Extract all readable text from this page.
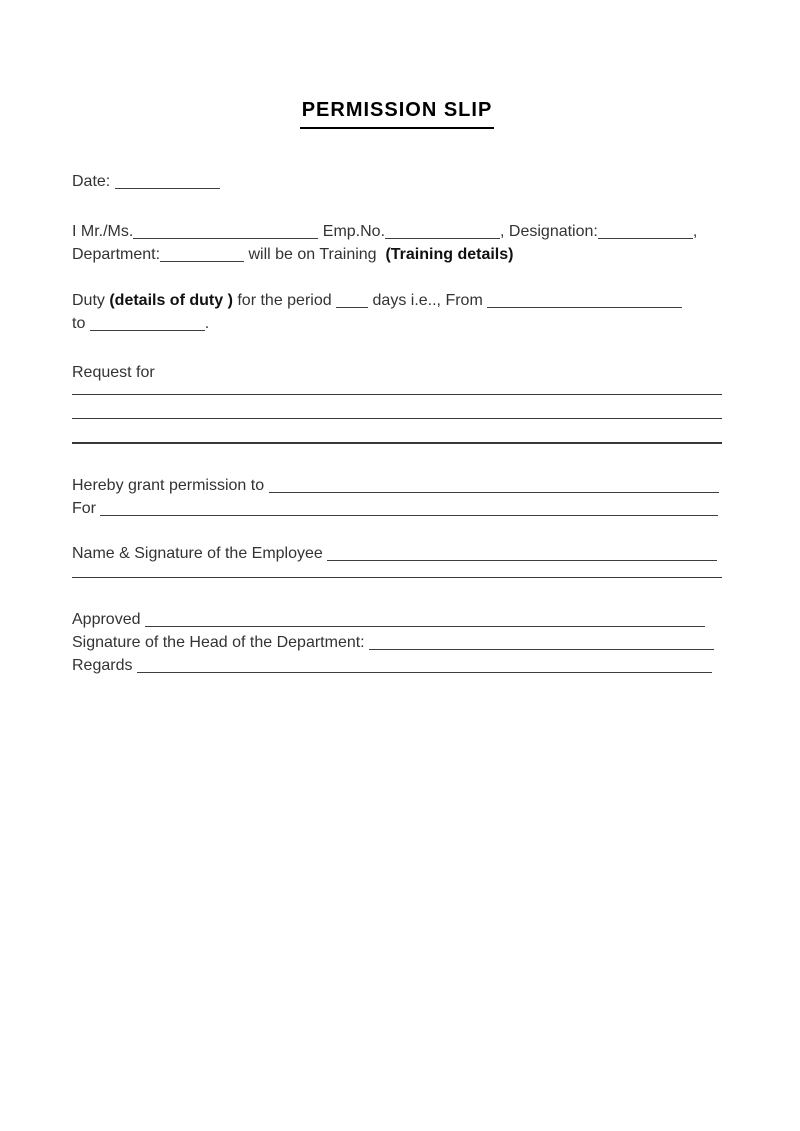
PERMISSION SLIP
Date:
I Mr./Ms.	Emp.No.	, Designation:	,
Department:	will be on Training  (Training details)
Duty (details of duty ) for the period  days i.e.., From
to	.
Request for
Hereby grant permission to
For
Name & Signature of the Employee
Approved
Signature of the Head of the Department:
Regards
